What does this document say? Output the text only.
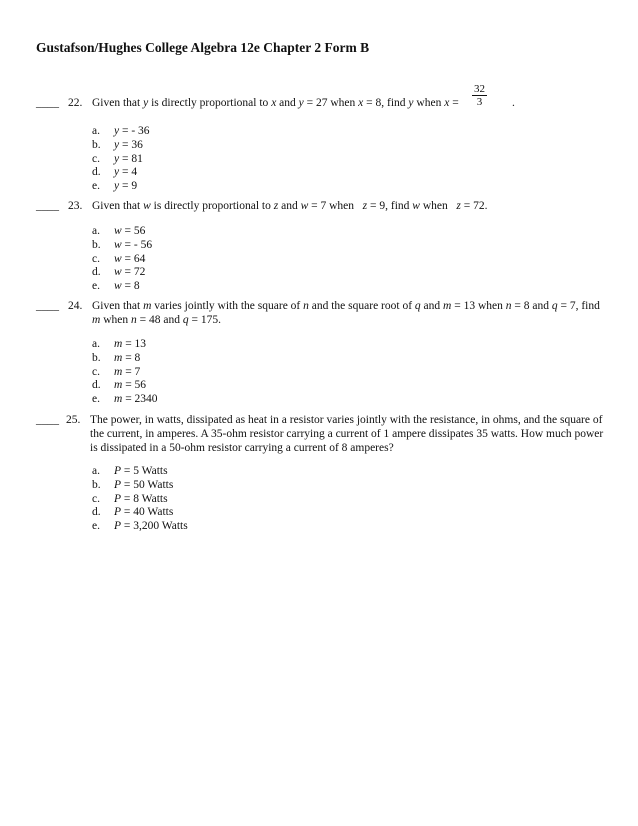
Gustafson/Hughes College Algebra 12e Chapter 2 Form B
____ 22. Given that y is directly proportional to x and y = 27 when x = 8, find y when x =	$\frac{32}{3}$ .
a. y = - 36
b. y = 36
c. y = 81
d. y = 4
e. y = 9
____ 23. Given that w is directly proportional to z and w = 7 when   z = 9, find w when   z = 72.
a. w = 56
b. w = - 56
c. w = 64
d. w = 72
e. w = 8
____ 24. Given that m varies jointly with the square of n and the square root of q and m = 13 when n = 8 and q = 7, find m when n = 48 and q = 175.
a. m = 13
b. m = 8
c. m = 7
d. m = 56
e. m = 2340
____ 25. The power, in watts, dissipated as heat in a resistor varies jointly with the resistance, in ohms, and the square of the current, in amperes. A 35-ohm resistor carrying a current of 1 ampere dissipates 35 watts. How much power is dissipated in a 50-ohm resistor carrying a current of 8 amperes?
a. P = 5 Watts
b. P = 50 Watts
c. P = 8 Watts
d. P = 40 Watts
e. P = 3,200 Watts
